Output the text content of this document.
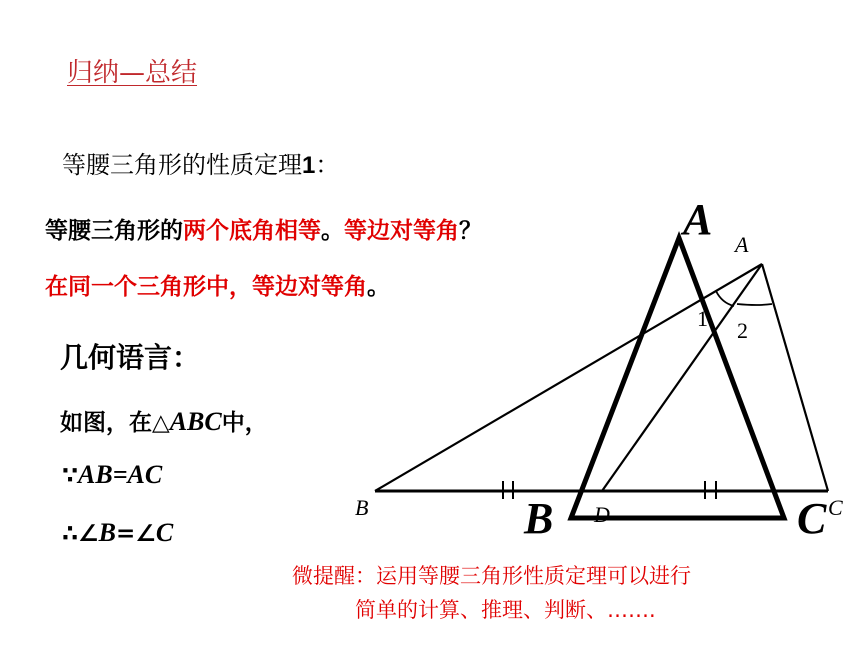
归纳—总结
等腰三角形的性质定理1：
等腰三角形的两个底角相等。等边对等角？
在同一个三角形中，等边对等角。
几何语言：
如图，在△ABC中，
∵AB=AC
∴∠B=∠C
微提醒：运用等腰三角形性质定理可以进行
简单的计算、推理、判断、…….
A
B	C
A
B	C
D
1 2
